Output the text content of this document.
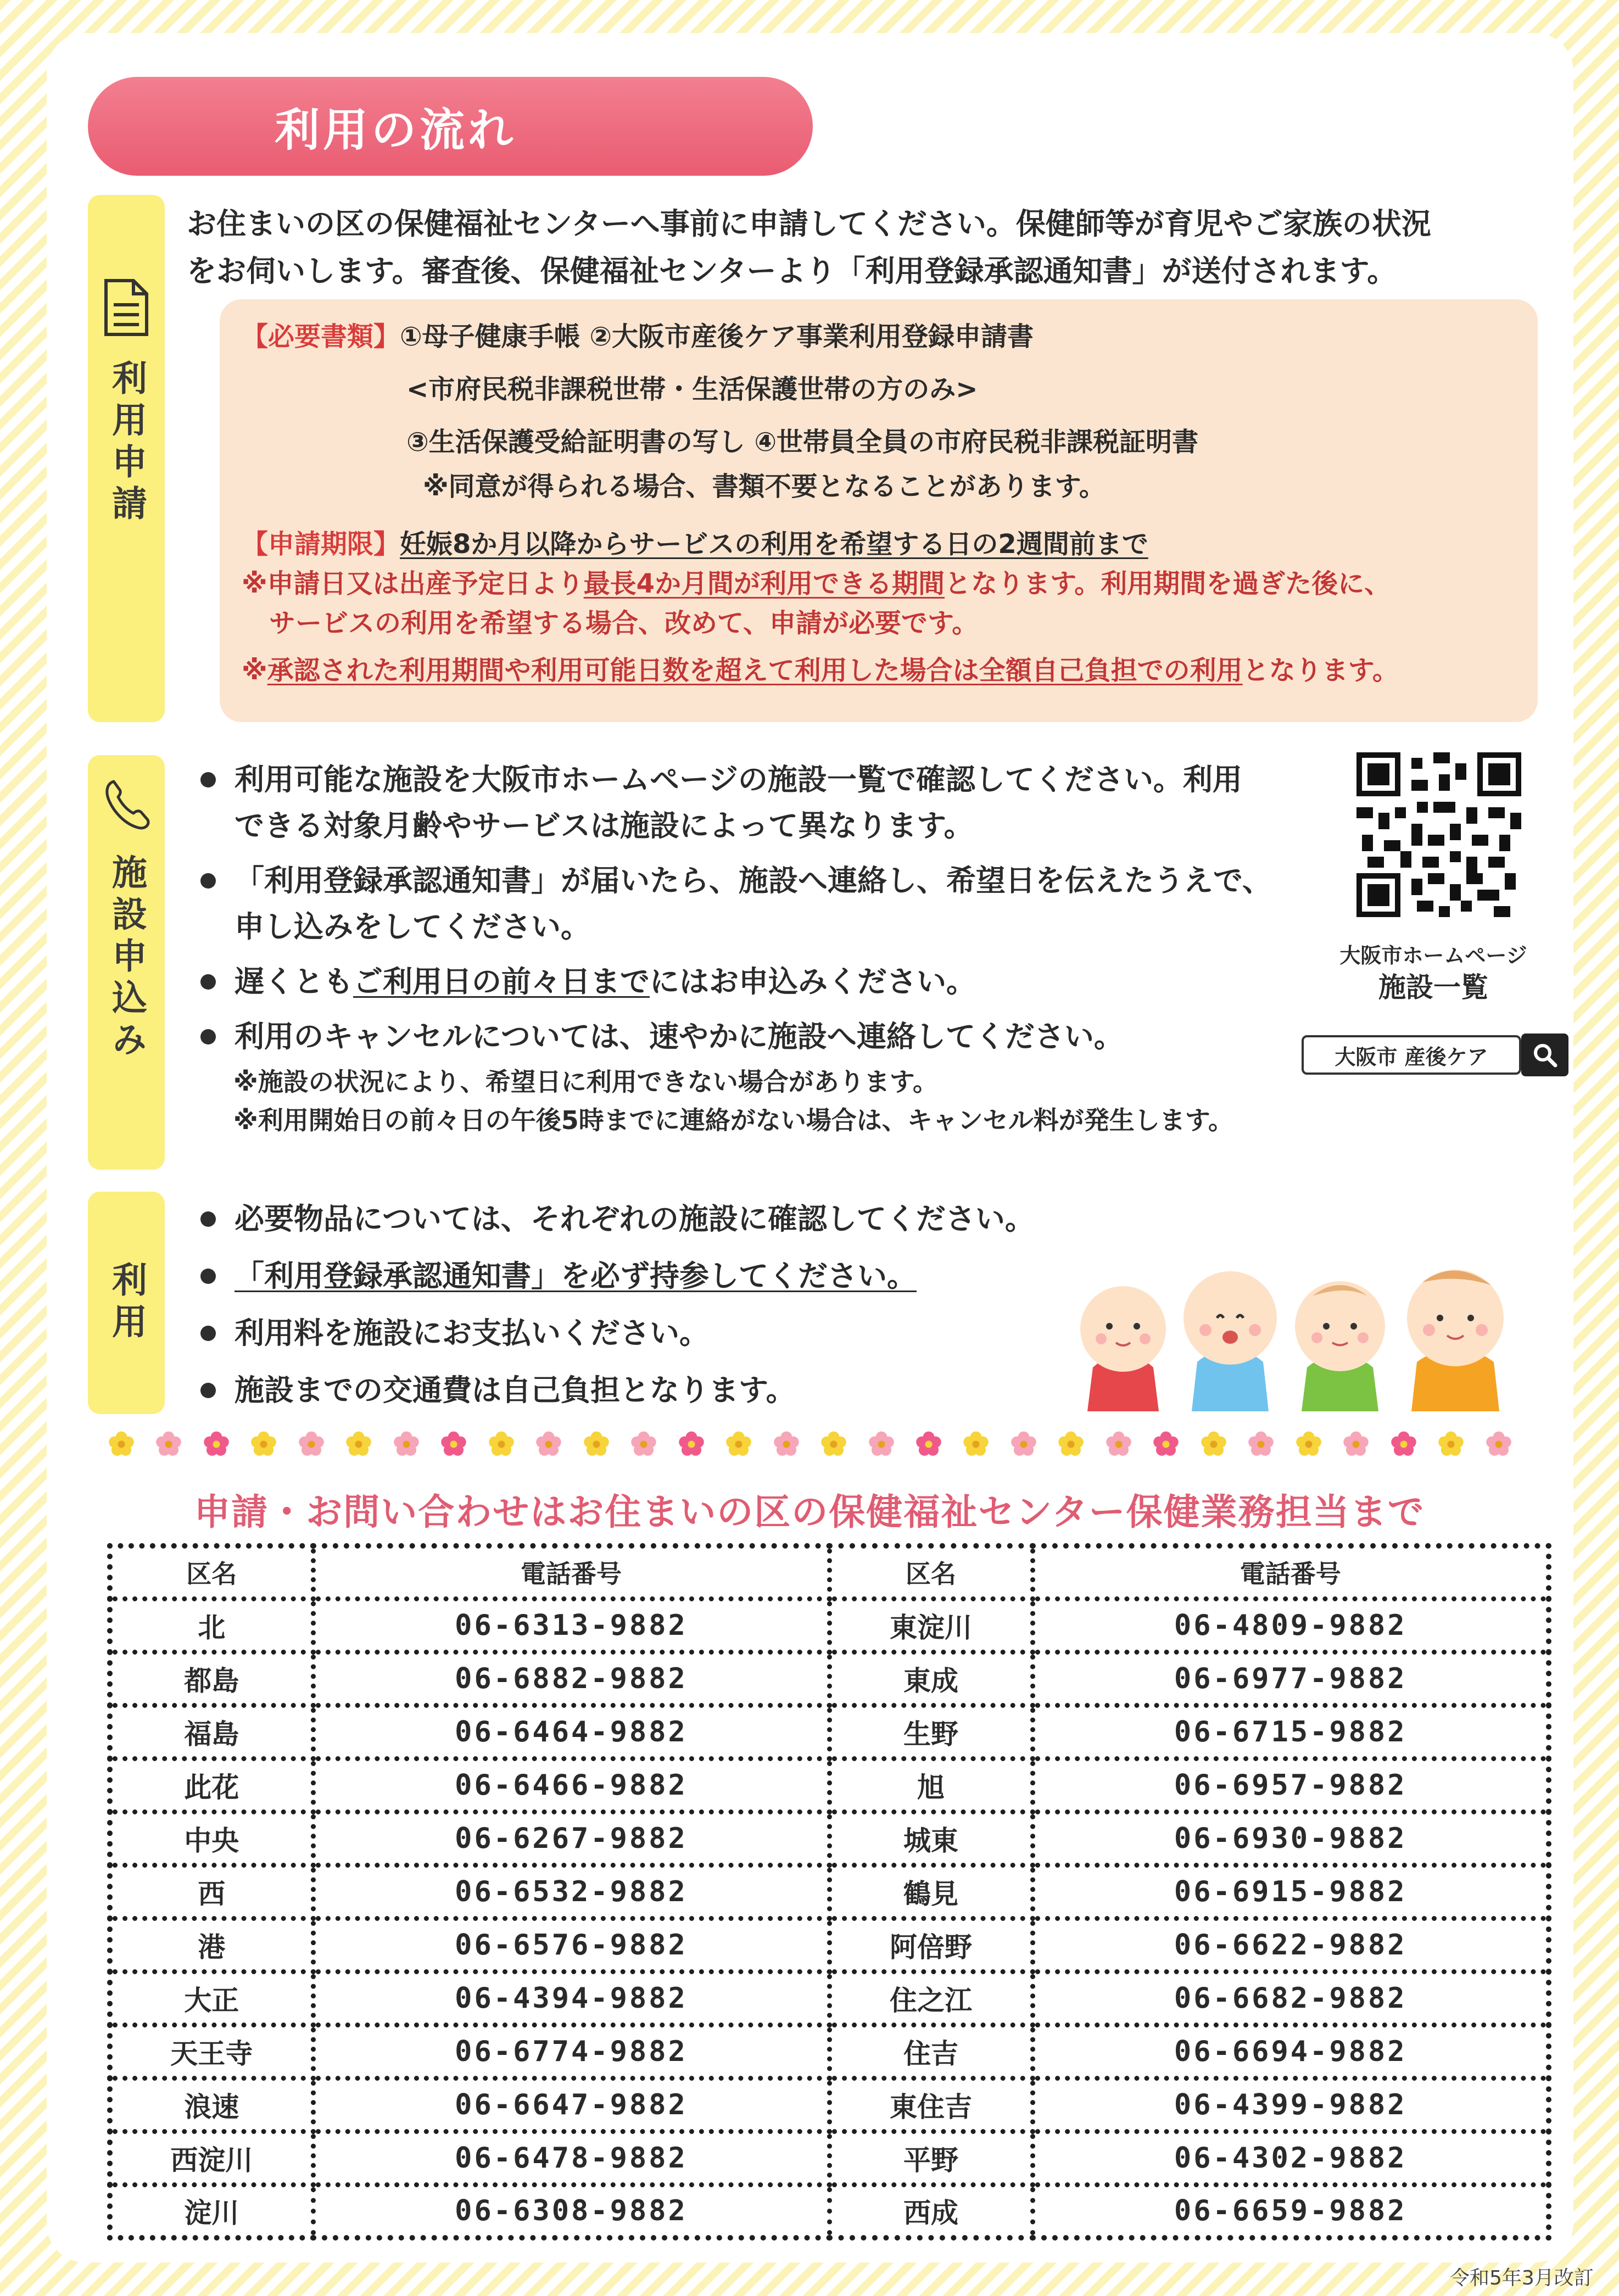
利用の流れ
利用申請
お住まいの区の保健福祉センターへ事前に申請してください。保健師等が育児やご家族の状況
をお伺いします。審査後、保健福祉センターより「利用登録承認通知書」が送付されます。
【必要書類】①母子健康手帳 ②大阪市産後ケア事業利用登録申請書
<市府民税非課税世帯・生活保護世帯の方のみ>
③生活保護受給証明書の写し ④世帯員全員の市府民税非課税証明書
※同意が得られる場合、書類不要となることがあります。
【申請期限】妊娠8か月以降からサービスの利用を希望する日の2週間前まで
※申請日又は出産予定日より最長4か月間が利用できる期間となります。利用期間を過ぎた後に、
サービスの利用を希望する場合、改めて、申請が必要です。
※承認された利用期間や利用可能日数を超えて利用した場合は全額自己負担での利用となります。
施設申込み
利用可能な施設を大阪市ホームページの施設一覧で確認してください。利用
できる対象月齢やサービスは施設によって異なります。
「利用登録承認通知書」が届いたら、施設へ連絡し、希望日を伝えたうえで、
申し込みをしてください。
遅くともご利用日の前々日までにはお申込みください。
利用のキャンセルについては、速やかに施設へ連絡してください。
※施設の状況により、希望日に利用できない場合があります。
※利用開始日の前々日の午後5時までに連絡がない場合は、キャンセル料が発生します。
大阪市ホームページ
施設一覧
大阪市 産後ケア
利用
必要物品については、それぞれの施設に確認してください。
「利用登録承認通知書」を必ず持参してください。
利用料を施設にお支払いください。
施設までの交通費は自己負担となります。
申請・お問い合わせはお住まいの区の保健福祉センター保健業務担当まで
区名	電話番号	区名	電話番号
北	06-6313-9882	東淀川	06-4809-9882
都島	06-6882-9882	東成	06-6977-9882
福島	06-6464-9882	生野	06-6715-9882
此花	06-6466-9882	旭	06-6957-9882
中央	06-6267-9882	城東	06-6930-9882
西	06-6532-9882	鶴見	06-6915-9882
港	06-6576-9882	阿倍野	06-6622-9882
大正	06-4394-9882	住之江	06-6682-9882
天王寺	06-6774-9882	住吉	06-6694-9882
浪速	06-6647-9882	東住吉	06-4399-9882
西淀川	06-6478-9882	平野	06-4302-9882
淀川	06-6308-9882	西成	06-6659-9882
令和5年3月改訂
